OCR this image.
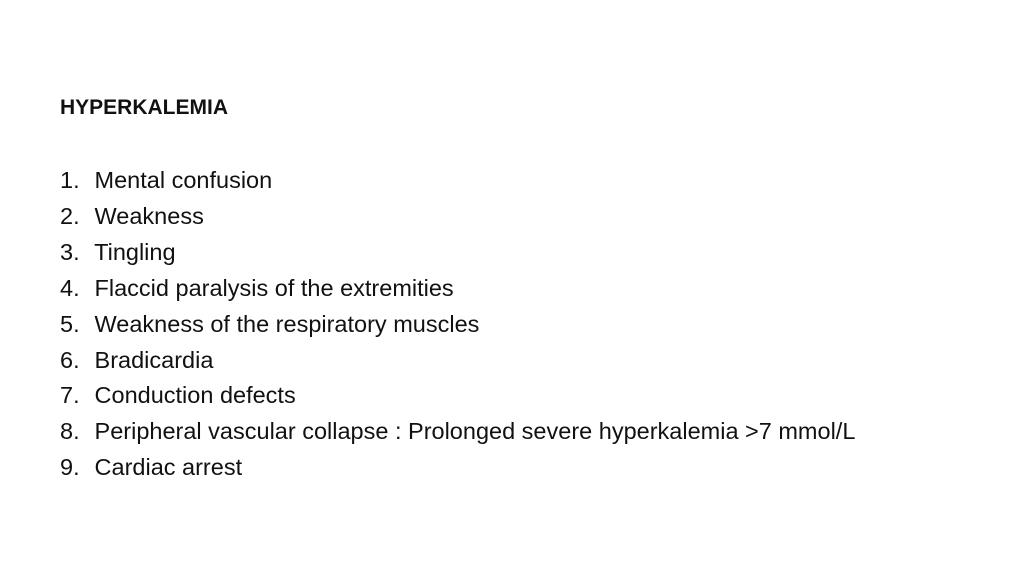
HYPERKALEMIA
1. Mental confusion
2. Weakness
3. Tingling
4. Flaccid paralysis of the extremities
5. Weakness of the respiratory muscles
6. Bradicardia
7. Conduction defects
8. Peripheral vascular collapse : Prolonged severe hyperkalemia >7 mmol/L
9. Cardiac arrest
